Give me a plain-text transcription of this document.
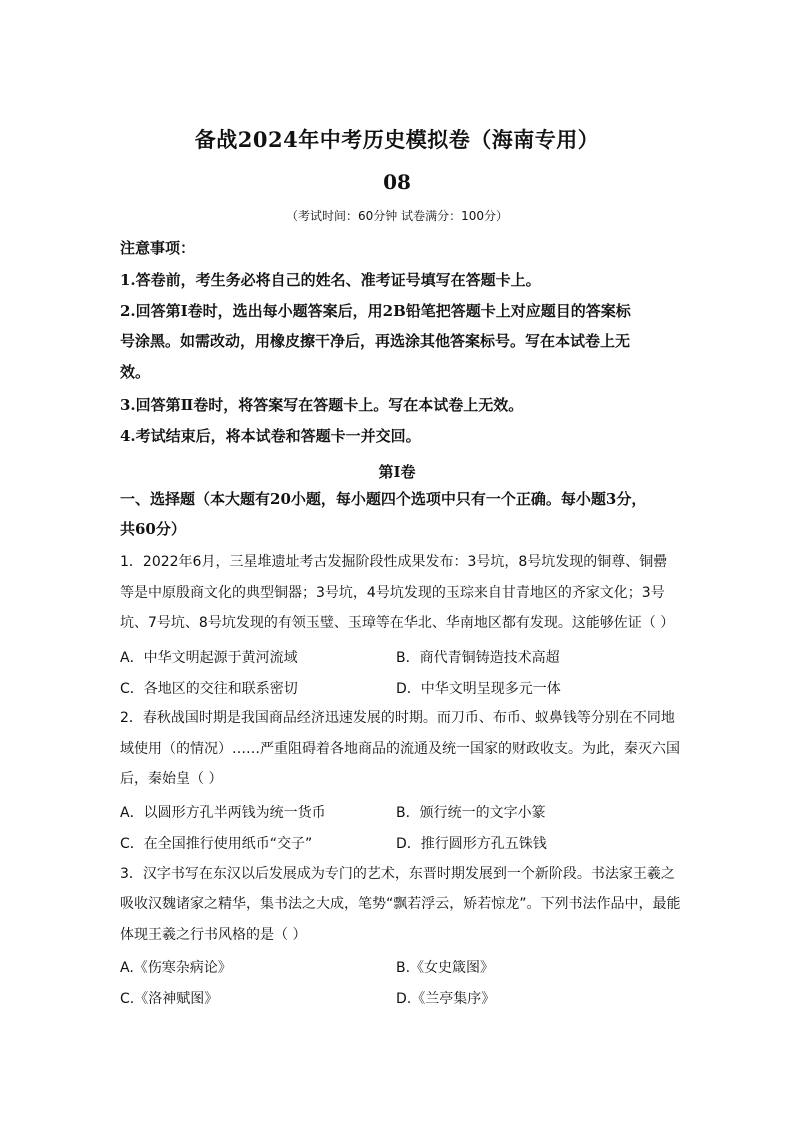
备战2024年中考历史模拟卷（海南专用）
08
（考试时间：60分钟 试卷满分：100分）
注意事项：
1.答卷前，考生务必将自己的姓名、准考证号填写在答题卡上。
2.回答第Ⅰ卷时，选出每小题答案后，用2B铅笔把答题卡上对应题目的答案标
号涂黑。如需改动，用橡皮擦干净后，再选涂其他答案标号。写在本试卷上无
效。
3.回答第Ⅱ卷时，将答案写在答题卡上。写在本试卷上无效。
4.考试结束后，将本试卷和答题卡一并交回。
第Ⅰ卷
一、选择题（本大题有20小题，每小题四个选项中只有一个正确。每小题3分，
共60分）
1．2022年6月，三星堆遗址考古发掘阶段性成果发布：3号坑，8号坑发现的铜尊、铜罍
等是中原殷商文化的典型铜器；3号坑，4号坑发现的玉琮来自甘青地区的齐家文化；3号
坑、7号坑、8号坑发现的有领玉璧、玉璋等在华北、华南地区都有发现。这能够佐证（ ）
A．中华文明起源于黄河流域	B．商代青铜铸造技术高超
C．各地区的交往和联系密切	D．中华文明呈现多元一体
2．春秋战国时期是我国商品经济迅速发展的时期。而刀币、布币、蚁鼻钱等分别在不同地
域使用（的情况）……严重阻碍着各地商品的流通及统一国家的财政收支。为此，秦灭六国
后，秦始皇（ ）
A．以圆形方孔半两钱为统一货币	B．颁行统一的文字小篆
C．在全国推行使用纸币“交子”	D．推行圆形方孔五铢钱
3．汉字书写在东汉以后发展成为专门的艺术，东晋时期发展到一个新阶段。书法家王羲之
吸收汉魏诸家之精华，集书法之大成，笔势“飘若浮云，矫若惊龙”。下列书法作品中，最能
体现王羲之行书风格的是（ ）
A.《伤寒杂病论》	B.《女史箴图》
C.《洛神赋图》	D.《兰亭集序》
